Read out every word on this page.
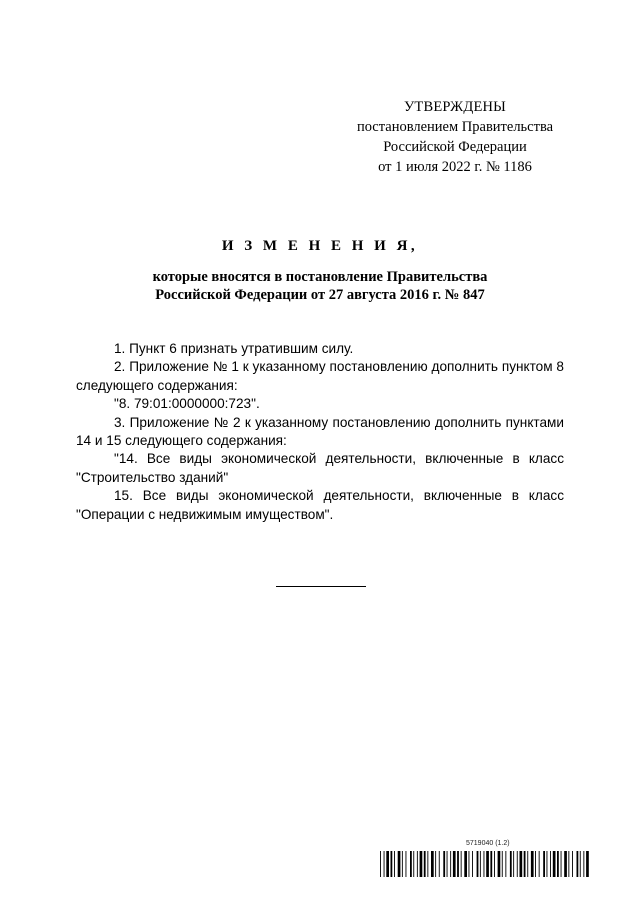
УТВЕРЖДЕНЫ
постановлением Правительства
Российской Федерации
от 1 июля 2022 г. № 1186
И З М Е Н Е Н И Я,
которые вносятся в постановление Правительства
Российской Федерации от 27 августа 2016 г. № 847

1. Пункт 6 признать утратившим силу.

2. Приложение № 1 к указанному постановлению дополнить пунктом 8 следующего содержания:

"8. 79:01:0000000:723".

3. Приложение № 2 к указанному постановлению дополнить пунктами 14 и 15 следующего содержания:

"14. Все виды экономической деятельности, включенные в класс "Строительство зданий"

15. Все виды экономической деятельности, включенные в класс "Операции с недвижимым имуществом".

5719040 (1.2)
